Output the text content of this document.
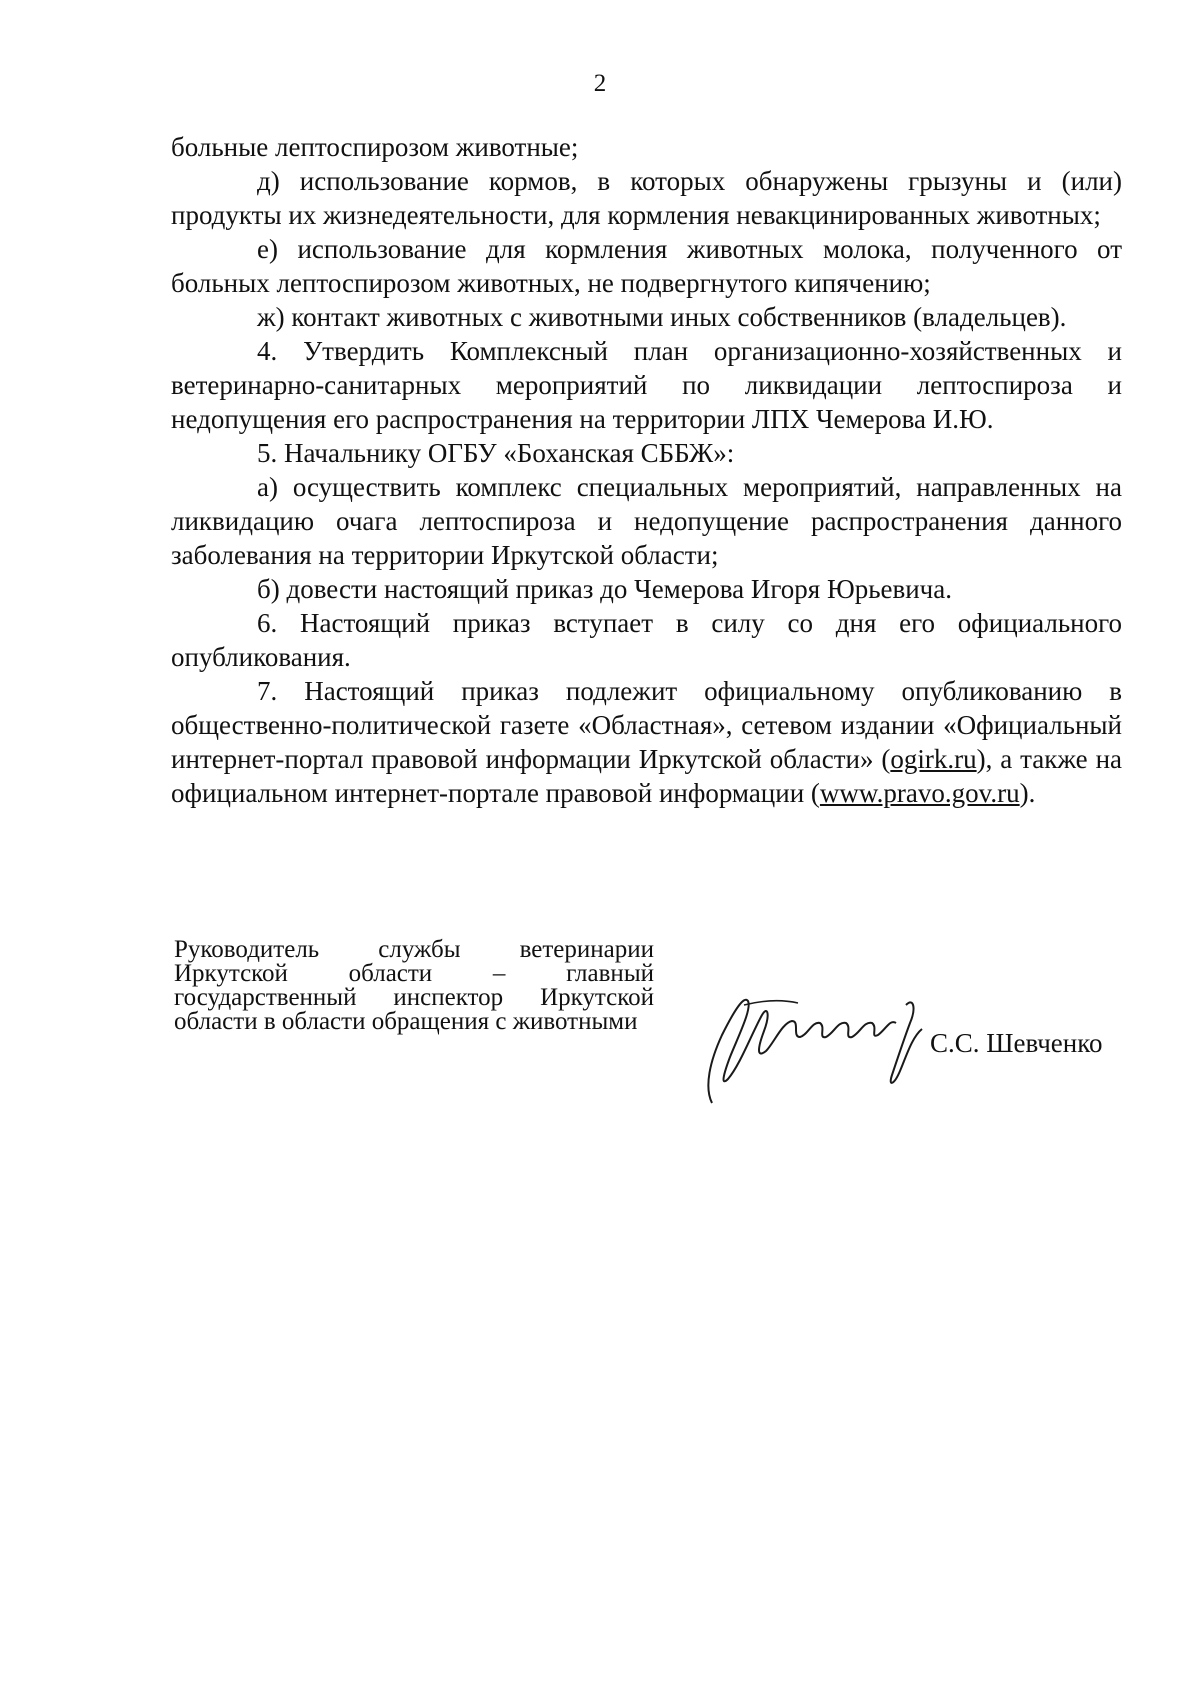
2

больные лептоспирозом животные;

д) использование кормов, в которых обнаружены грызуны и (или) продукты их жизнедеятельности, для кормления невакцинированных животных;

е) использование для кормления животных молока, полученного от больных лептоспирозом животных, не подвергнутого кипячению;

ж) контакт животных с животными иных собственников (владельцев).

4. Утвердить Комплексный план организационно-хозяйственных и ветеринарно-санитарных мероприятий по ликвидации лептоспироза и недопущения его распространения на территории ЛПХ Чемерова И.Ю.

5. Начальнику ОГБУ «Боханская СББЖ»:

а) осуществить комплекс специальных мероприятий, направленных на ликвидацию очага лептоспироза и недопущение распространения данного заболевания на территории Иркутской области;

б) довести настоящий приказ до Чемерова Игоря Юрьевича.

6. Настоящий приказ вступает в силу со дня его официального опубликования.

7. Настоящий приказ подлежит официальному опубликованию в общественно-политической газете «Областная», сетевом издании «Официальный интернет-портал правовой информации Иркутской области» (ogirk.ru), а также на официальном интернет-портале правовой информации (www.pravo.gov.ru).

Руководитель службы ветеринарии Иркутской области – главный государственный инспектор Иркутской области в области обращения с животными

С.С. Шевченко
